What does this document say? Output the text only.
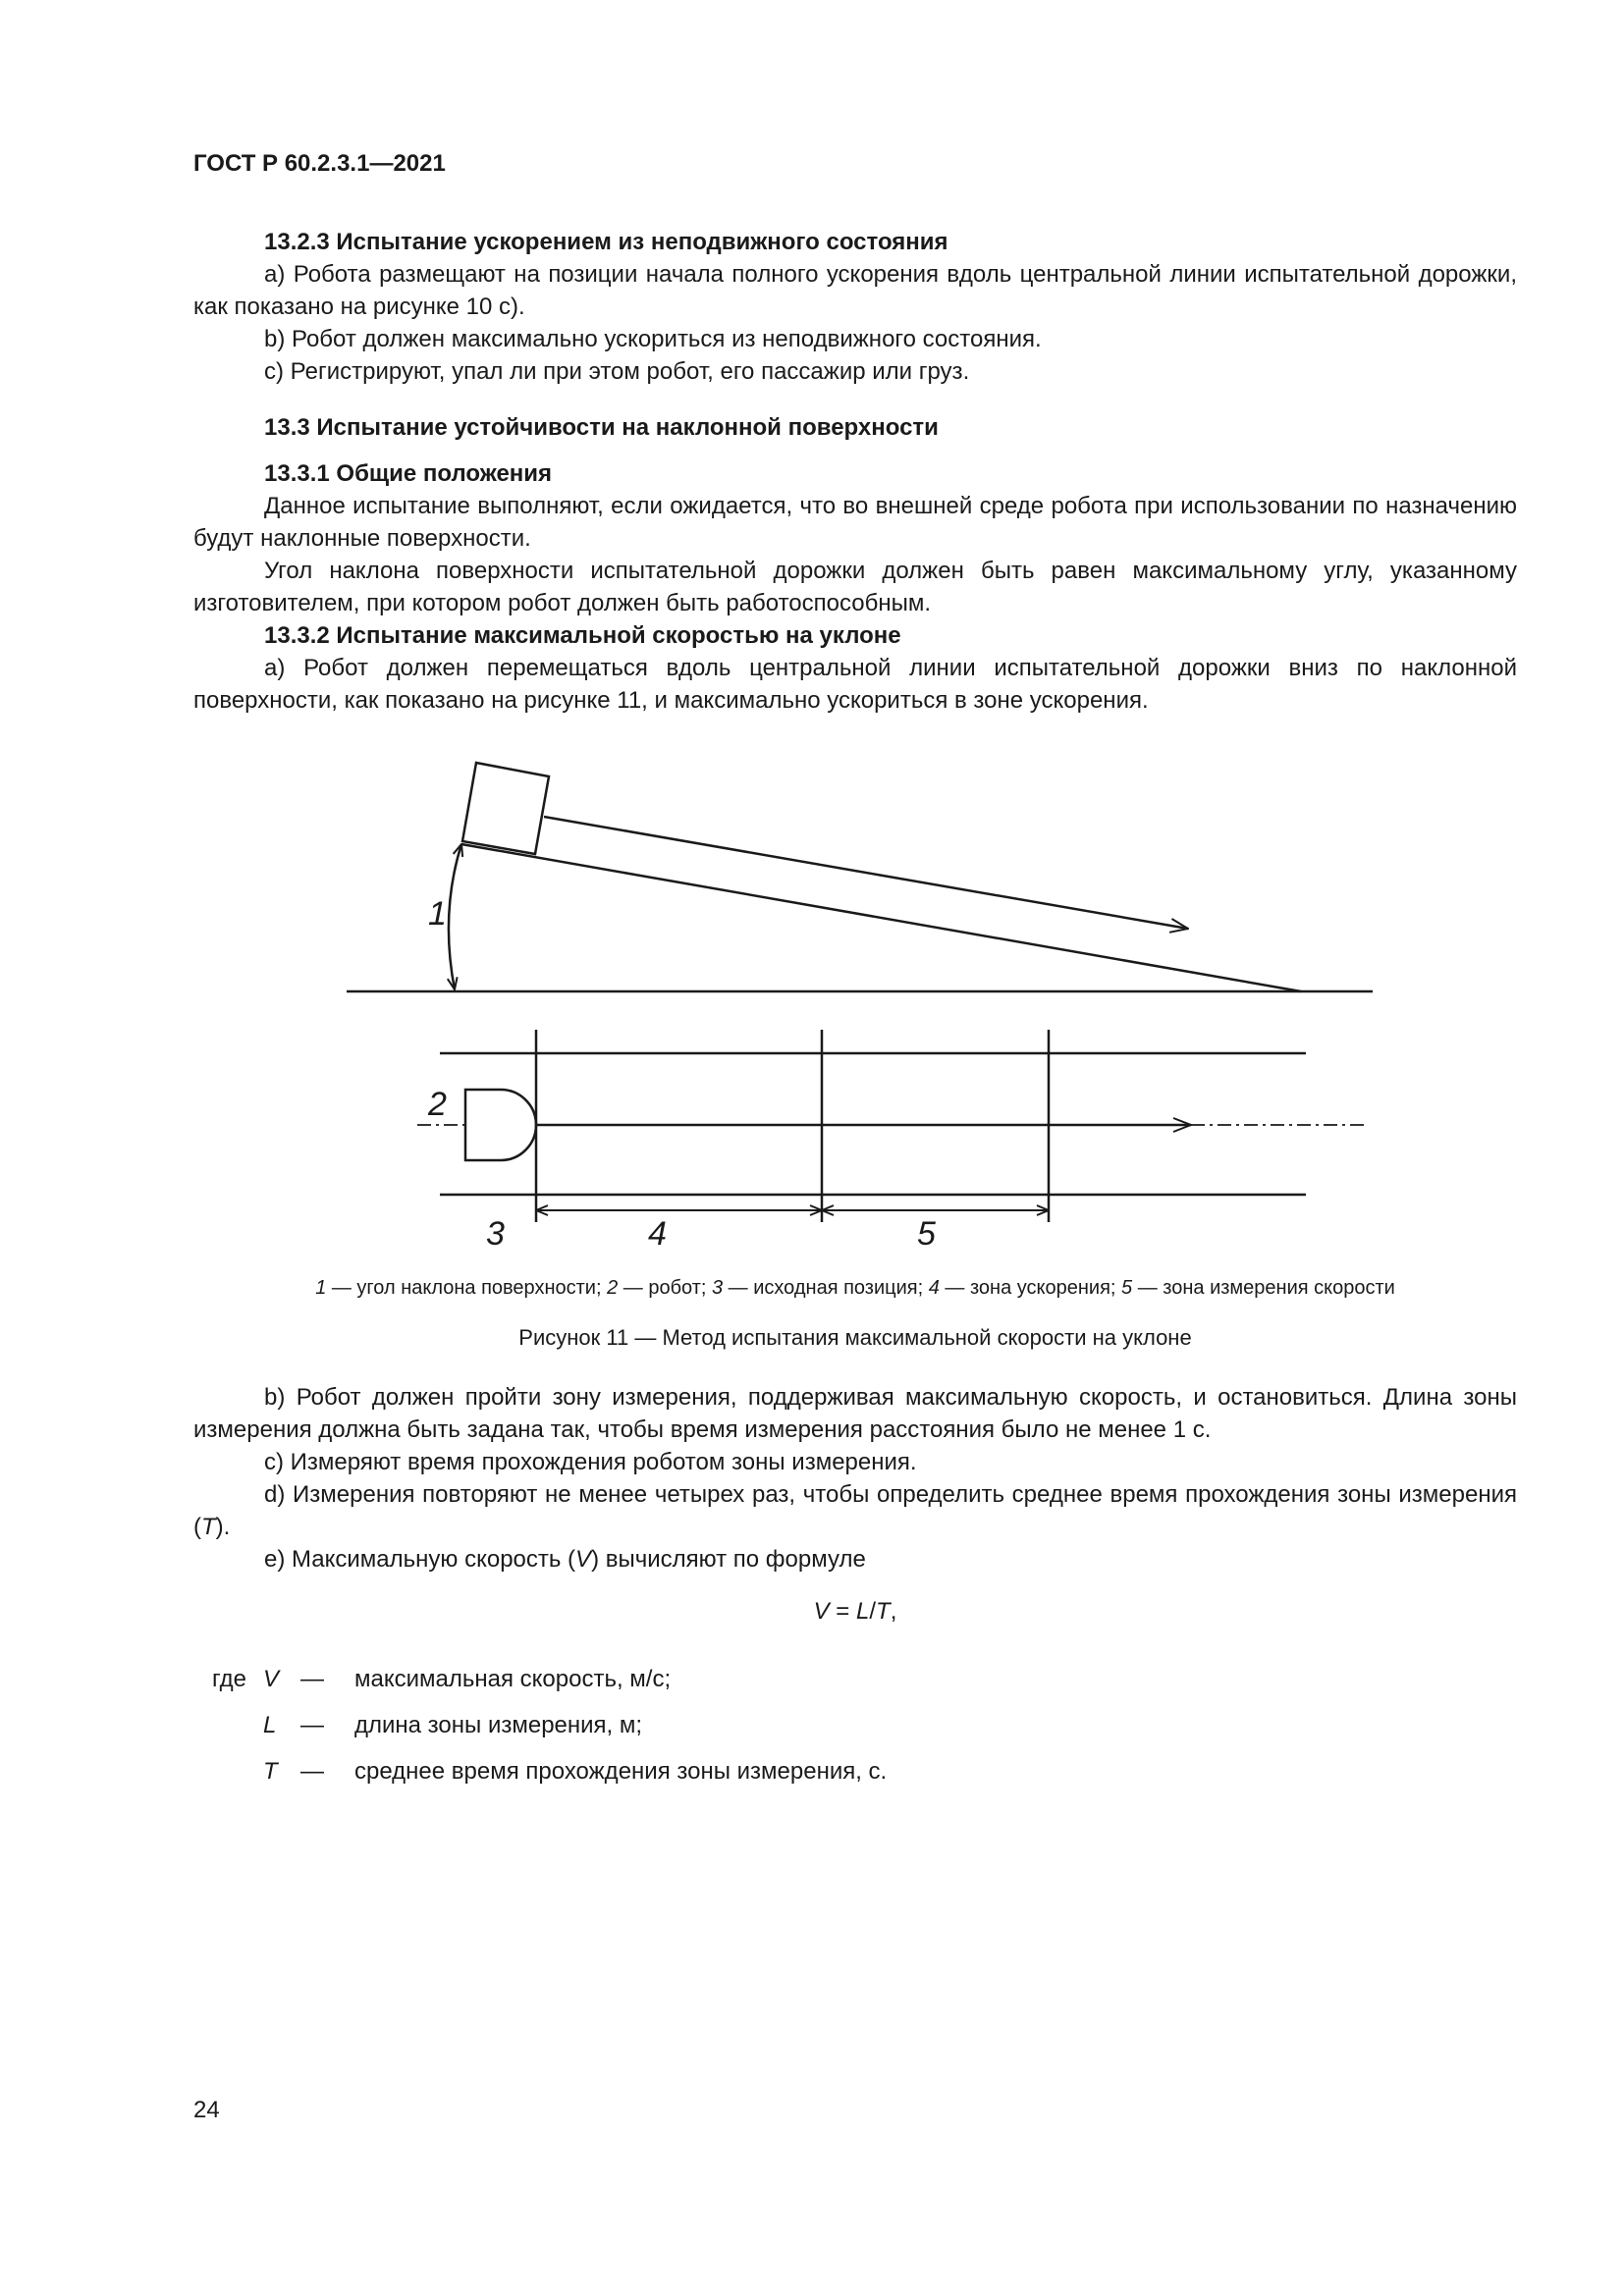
ГОСТ Р 60.2.3.1—2021

13.2.3 Испытание ускорением из неподвижного состояния

a) Робота размещают на позиции начала полного ускорения вдоль центральной линии испытательной дорожки, как показано на рисунке 10 c).

b) Робот должен максимально ускориться из неподвижного состояния.

c) Регистрируют, упал ли при этом робот, его пассажир или груз.

13.3 Испытание устойчивости на наклонной поверхности

13.3.1 Общие положения

Данное испытание выполняют, если ожидается, что во внешней среде робота при использовании по назначению будут наклонные поверхности.

Угол наклона поверхности испытательной дорожки должен быть равен максимальному углу, указанному изготовителем, при котором робот должен быть работоспособным.

13.3.2 Испытание максимальной скоростью на уклоне

a) Робот должен перемещаться вдоль центральной линии испытательной дорожки вниз по наклонной поверхности, как показано на рисунке 11, и максимально ускориться в зоне ускорения.

1
2
3	4	5

1 — угол наклона поверхности; 2 — робот; 3 — исходная позиция; 4 — зона ускорения; 5 — зона измерения скорости

Рисунок 11 — Метод испытания максимальной скорости на уклоне

b) Робот должен пройти зону измерения, поддерживая максимальную скорость, и остановиться. Длина зоны измерения должна быть задана так, чтобы время измерения расстояния было не менее 1 с.

c) Измеряют время прохождения роботом зоны измерения.

d) Измерения повторяют не менее четырех раз, чтобы определить среднее время прохождения зоны измерения (T).

e) Максимальную скорость (V) вычисляют по формуле

V = L/T,

где V — максимальная скорость, м/с;
L — длина зоны измерения, м;
T — среднее время прохождения зоны измерения, с.

24
